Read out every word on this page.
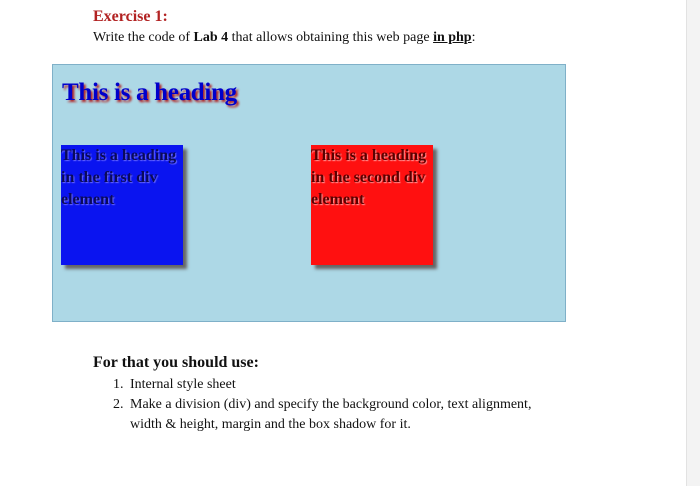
Exercise 1:
Write the code of Lab 4 that allows obtaining this web page in php:
This is a heading

This is a heading in the first div element

This is a heading in the second div element

For that you should use:
1. Internal style sheet
2. Make a division (div) and specify the background color, text alignment,
width & height, margin and the box shadow for it.
